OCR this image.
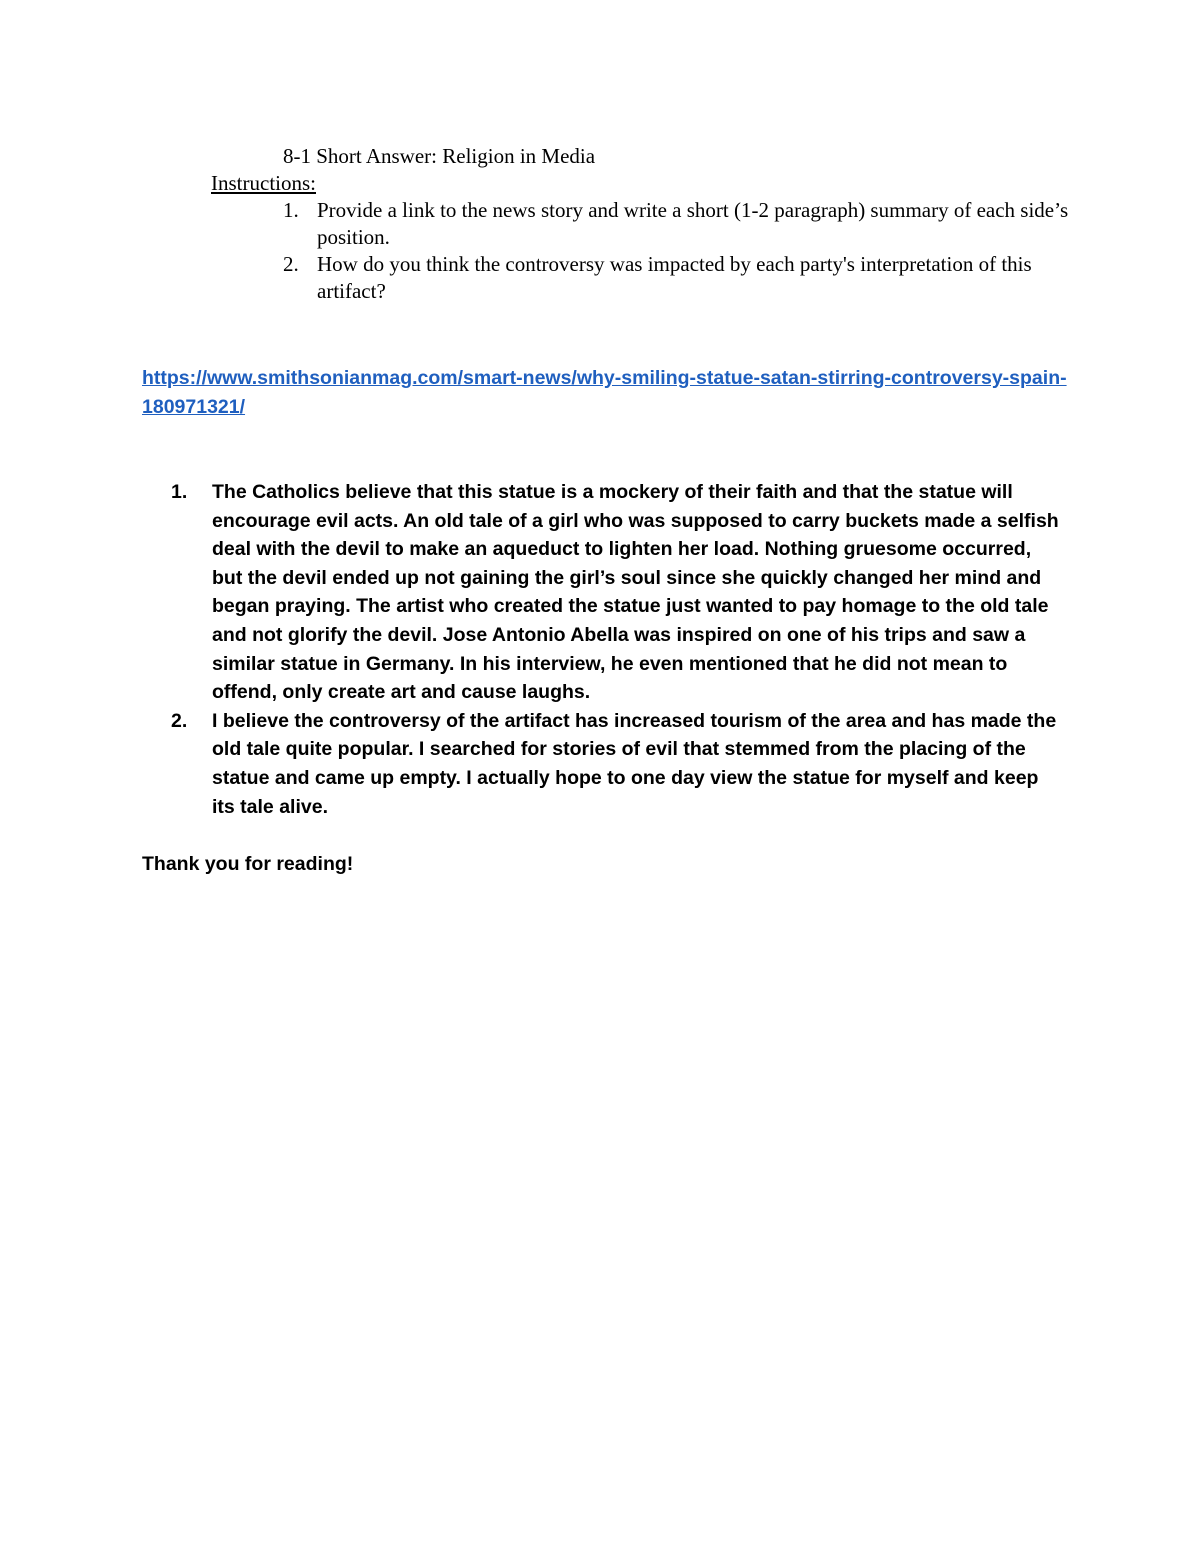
8-1 Short Answer: Religion in Media
Instructions:
1. Provide a link to the news story and write a short (1-2 paragraph) summary of each side’s position.
2. How do you think the controversy was impacted by each party's interpretation of this artifact?
https://www.smithsonianmag.com/smart-news/why-smiling-statue-satan-stirring-controversy-spain-180971321/
1. The Catholics believe that this statue is a mockery of their faith and that the statue will encourage evil acts. An old tale of a girl who was supposed to carry buckets made a selfish deal with the devil to make an aqueduct to lighten her load. Nothing gruesome occurred, but the devil ended up not gaining the girl’s soul since she quickly changed her mind and began praying. The artist who created the statue just wanted to pay homage to the old tale and not glorify the devil. Jose Antonio Abella was inspired on one of his trips and saw a similar statue in Germany. In his interview, he even mentioned that he did not mean to offend, only create art and cause laughs.
2. I believe the controversy of the artifact has increased tourism of the area and has made the old tale quite popular. I searched for stories of evil that stemmed from the placing of the statue and came up empty. I actually hope to one day view the statue for myself and keep its tale alive.
Thank you for reading!
